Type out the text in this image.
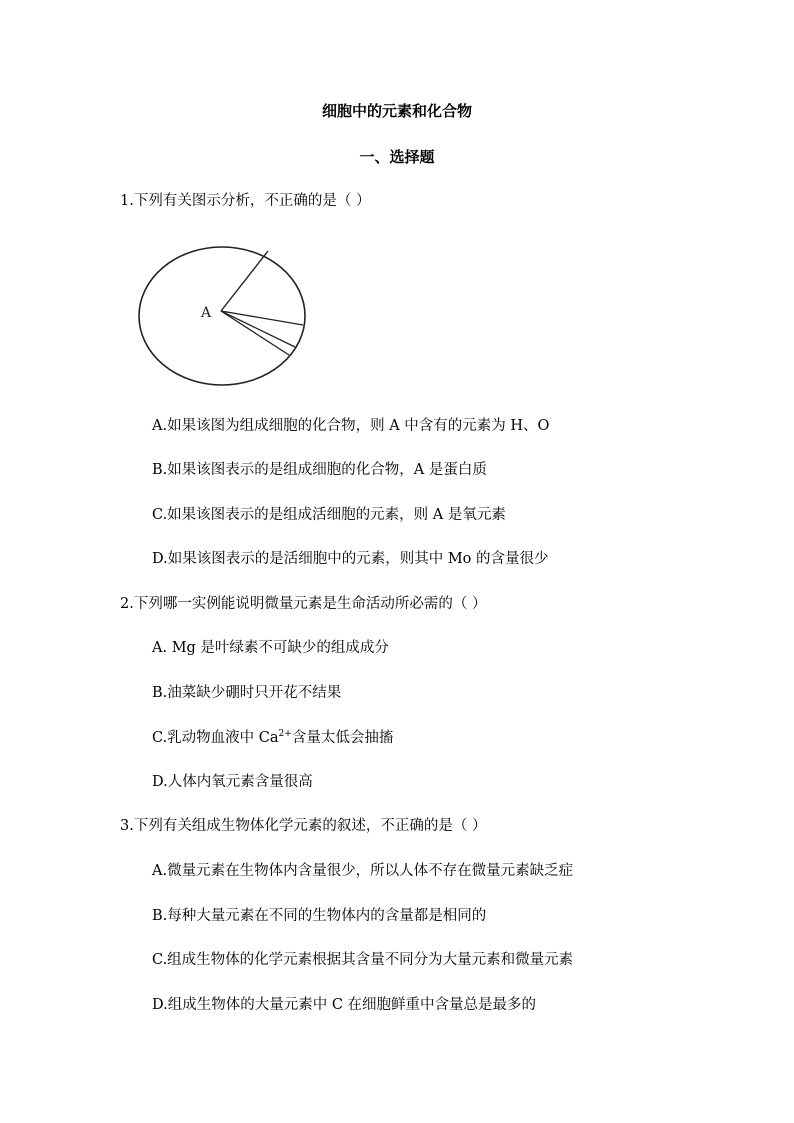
细胞中的元素和化合物
一、选择题
1.下列有关图示分析，不正确的是（ ）
A
A.如果该图为组成细胞的化合物，则 A 中含有的元素为 H、O
B.如果该图表示的是组成细胞的化合物，A 是蛋白质
C.如果该图表示的是组成活细胞的元素，则 A 是氧元素
D.如果该图表示的是活细胞中的元素，则其中 Mo 的含量很少
2.下列哪一实例能说明微量元素是生命活动所必需的（ ）
A. Mg 是叶绿素不可缺少的组成成分
B.油菜缺少硼时只开花不结果
C.乳动物血液中 $Ca^{2+}$含量太低会抽搐
D.人体内氧元素含量很高
3.下列有关组成生物体化学元素的叙述，不正确的是（ ）
A.微量元素在生物体内含量很少，所以人体不存在微量元素缺乏症
B.每种大量元素在不同的生物体内的含量都是相同的
C.组成生物体的化学元素根据其含量不同分为大量元素和微量元素
D.组成生物体的大量元素中 C 在细胞鲜重中含量总是最多的
